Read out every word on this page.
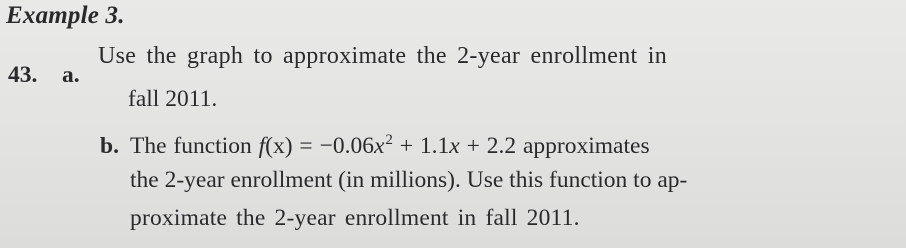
Example 3.
43. a.
Use the graph to approximate the 2-year enrollment in
fall 2011.
b. The function $f(x) = -0.06x^2 + 1.1x + 2.2$ approximates
the 2-year enrollment (in millions). Use this function to ap-
proximate the 2-year enrollment in fall 2011.
